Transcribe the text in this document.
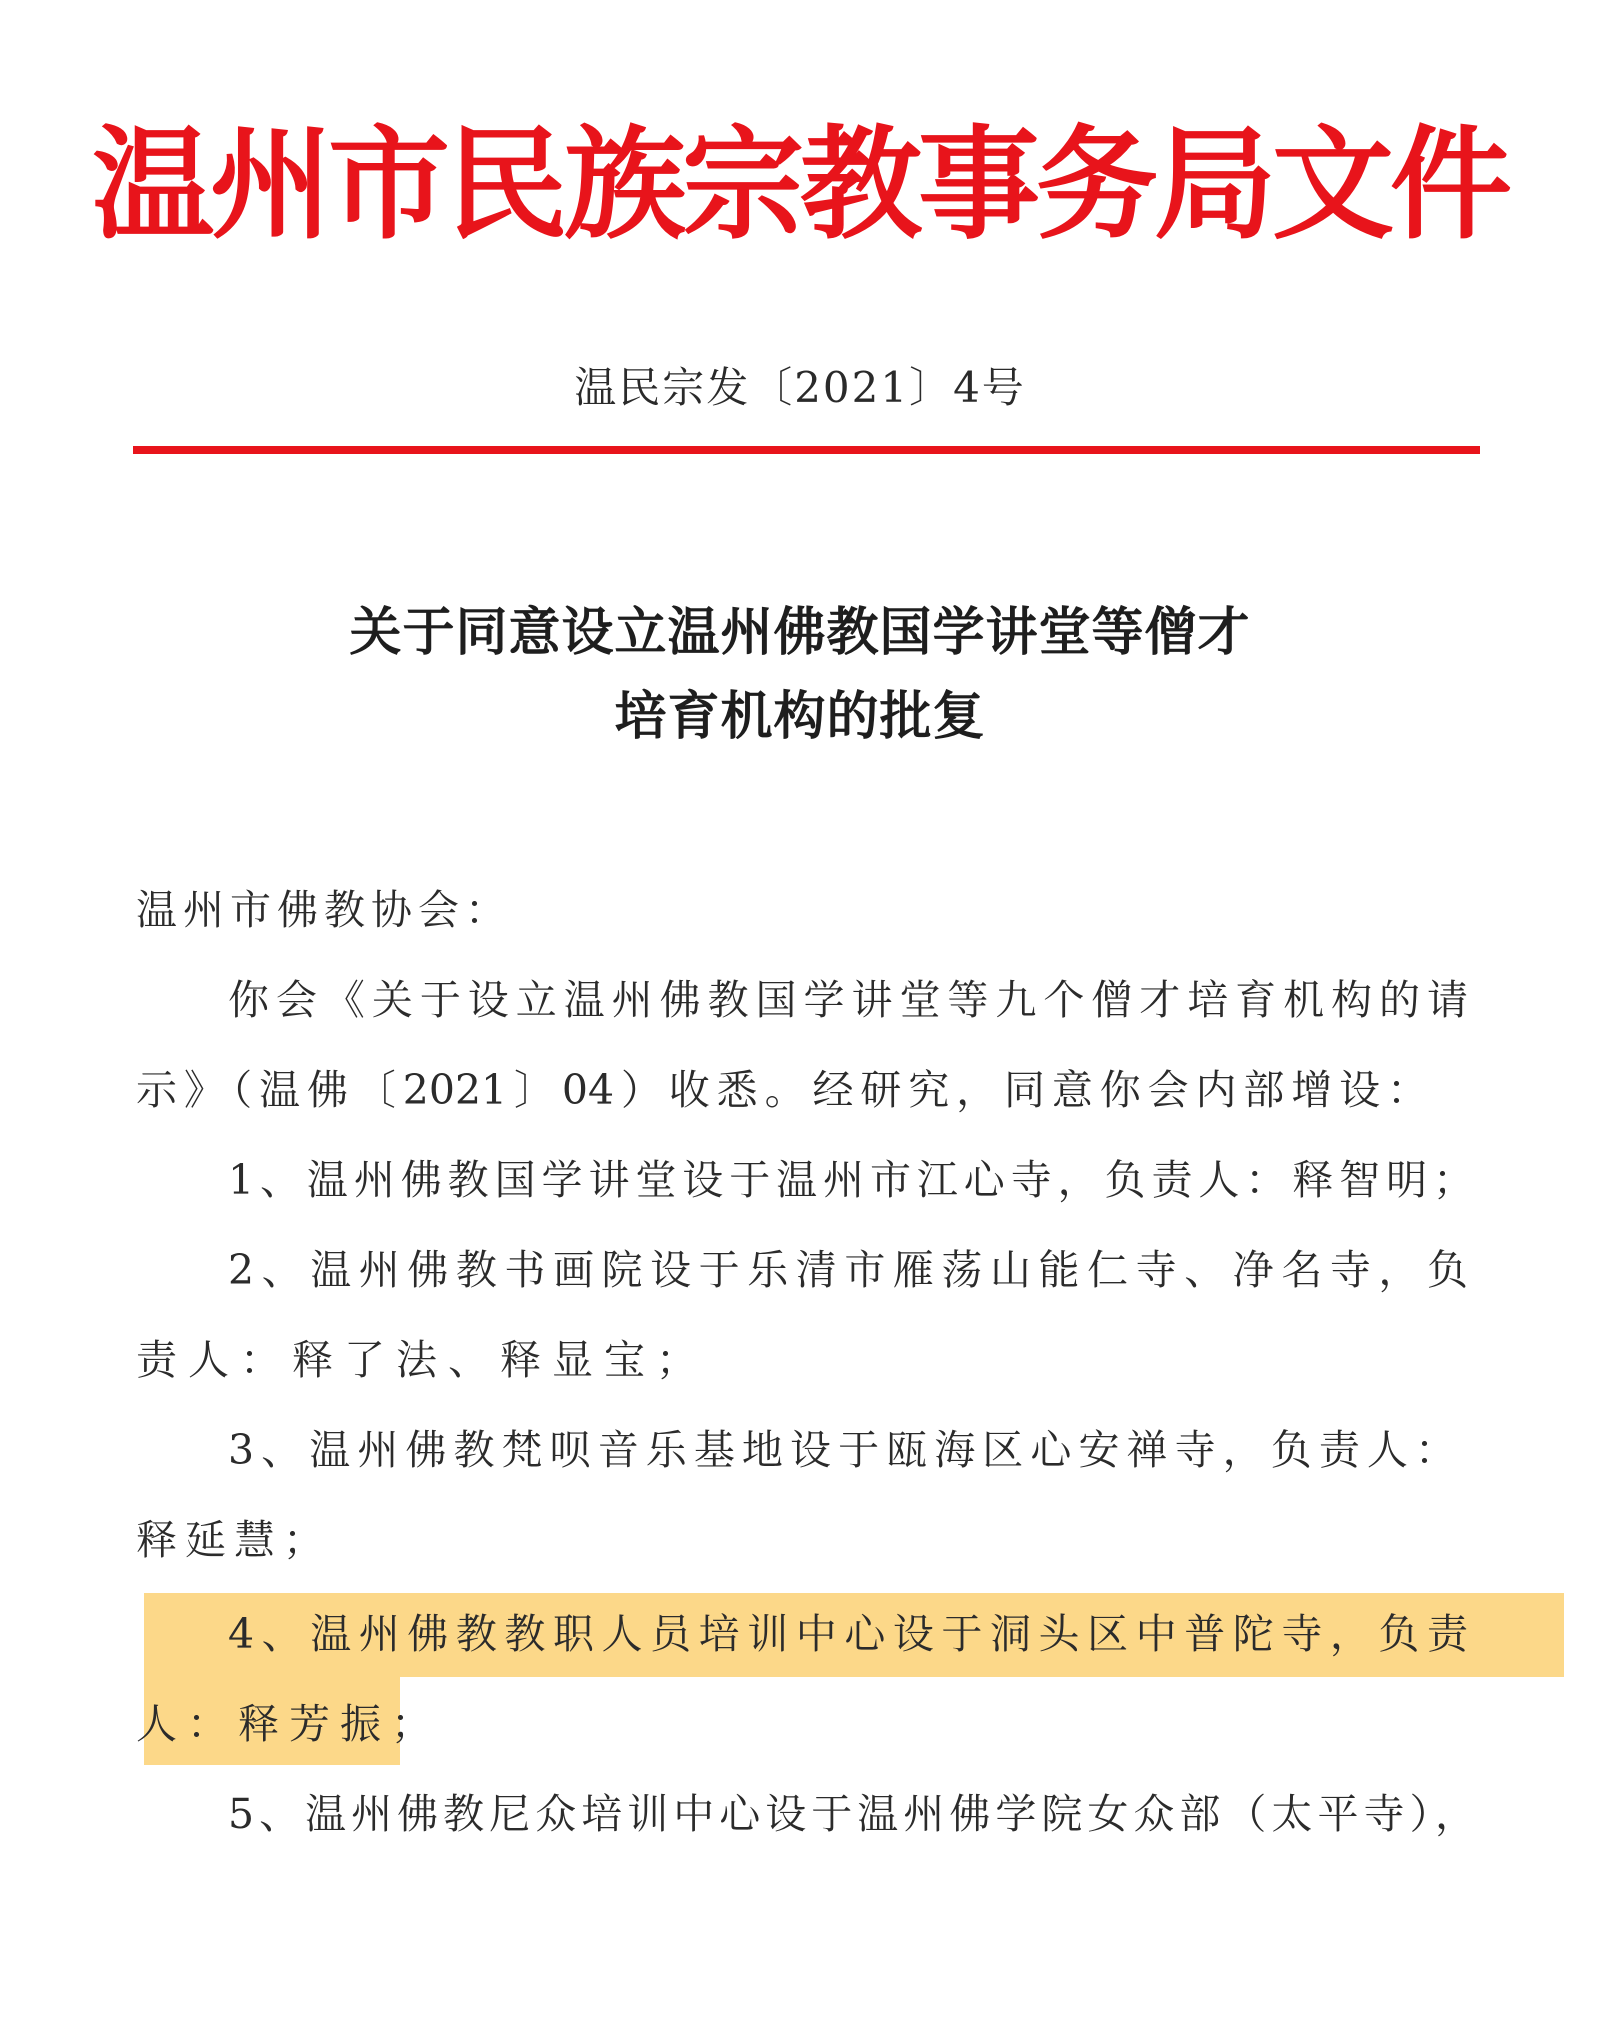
温州市民族宗教事务局文件
温民宗发〔2021〕4号
关于同意设立温州佛教国学讲堂等僧才
培育机构的批复
温州市佛教协会：
你会《关于设立温州佛教国学讲堂等九个僧才培育机构的请
示》（温佛〔2021〕04）收悉。经研究，同意你会内部增设：
1、温州佛教国学讲堂设于温州市江心寺，负责人：释智明；
2、温州佛教书画院设于乐清市雁荡山能仁寺、净名寺，负
责人：释了法、释显宝；
3、温州佛教梵呗音乐基地设于瓯海区心安禅寺，负责人：
释延慧；
4、温州佛教教职人员培训中心设于洞头区中普陀寺，负责
人：释芳振；
5、温州佛教尼众培训中心设于温州佛学院女众部（太平寺），
